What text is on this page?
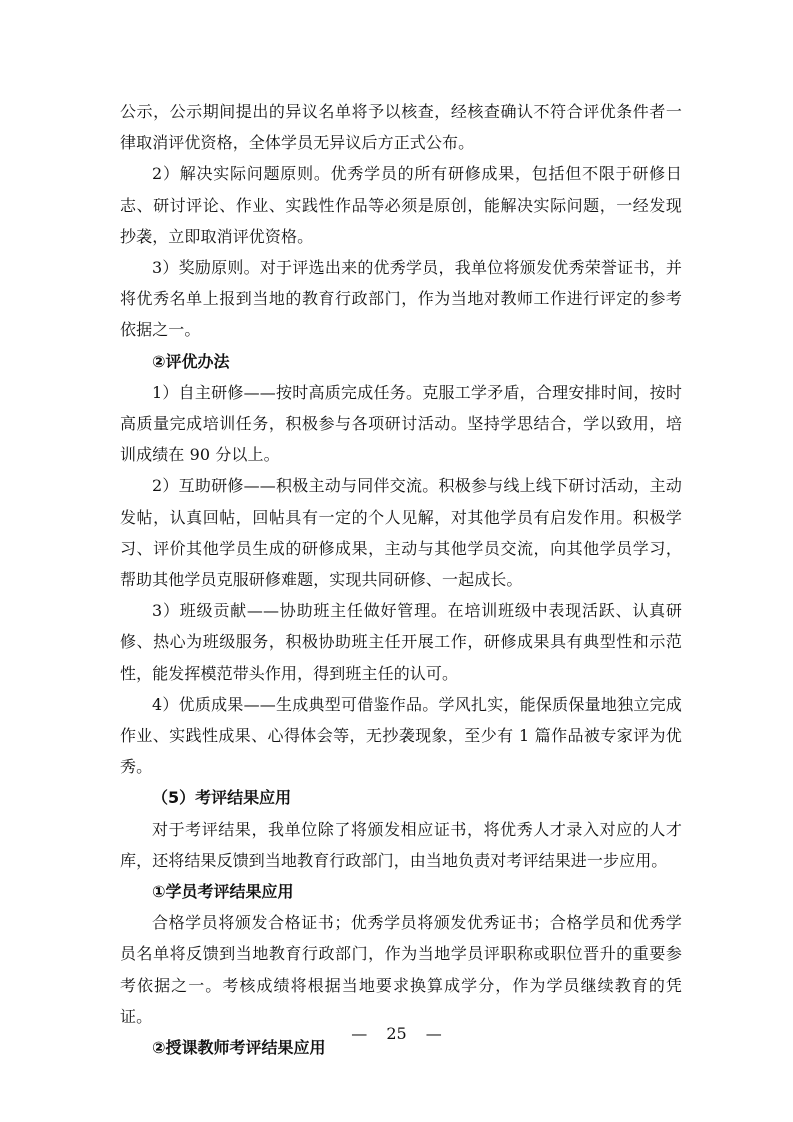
公示，公示期间提出的异议名单将予以核查，经核查确认不符合评优条件者一律取消评优资格，全体学员无异议后方正式公布。

2）解决实际问题原则。优秀学员的所有研修成果，包括但不限于研修日志、研讨评论、作业、实践性作品等必须是原创，能解决实际问题，一经发现抄袭，立即取消评优资格。

3）奖励原则。对于评选出来的优秀学员，我单位将颁发优秀荣誉证书，并将优秀名单上报到当地的教育行政部门，作为当地对教师工作进行评定的参考依据之一。

②评优办法

1）自主研修——按时高质完成任务。克服工学矛盾，合理安排时间，按时高质量完成培训任务，积极参与各项研讨活动。坚持学思结合，学以致用，培训成绩在 90 分以上。

2）互助研修——积极主动与同伴交流。积极参与线上线下研讨活动，主动发帖，认真回帖，回帖具有一定的个人见解，对其他学员有启发作用。积极学习、评价其他学员生成的研修成果，主动与其他学员交流，向其他学员学习，帮助其他学员克服研修难题，实现共同研修、一起成长。

3）班级贡献——协助班主任做好管理。在培训班级中表现活跃、认真研修、热心为班级服务，积极协助班主任开展工作，研修成果具有典型性和示范性，能发挥模范带头作用，得到班主任的认可。

4）优质成果——生成典型可借鉴作品。学风扎实，能保质保量地独立完成作业、实践性成果、心得体会等，无抄袭现象，至少有 1 篇作品被专家评为优秀。

（5）考评结果应用

对于考评结果，我单位除了将颁发相应证书，将优秀人才录入对应的人才库，还将结果反馈到当地教育行政部门，由当地负责对考评结果进一步应用。

①学员考评结果应用

合格学员将颁发合格证书；优秀学员将颁发优秀证书；合格学员和优秀学员名单将反馈到当地教育行政部门，作为当地学员评职称或职位晋升的重要参考依据之一。考核成绩将根据当地要求换算成学分，作为学员继续教育的凭证。

②授课教师考评结果应用

— 25 —
